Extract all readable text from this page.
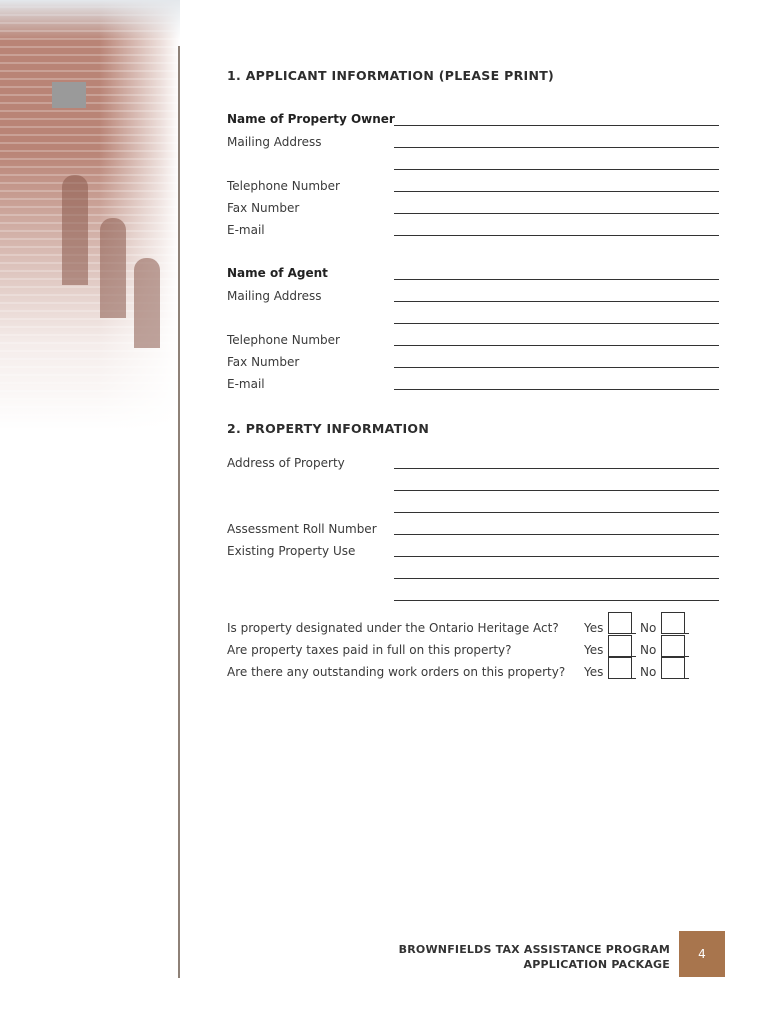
1. APPLICANT INFORMATION (PLEASE PRINT)
Name of Property Owner
Mailing Address
Telephone Number
Fax Number
E-mail
Name of Agent
Mailing Address
Telephone Number
Fax Number
E-mail
2. PROPERTY INFORMATION
Address of Property
Assessment Roll Number
Existing Property Use
Is property designated under the Ontario Heritage Act? Yes	No
Are property taxes paid in full on this property?	Yes	No
Are there any outstanding work orders on this property? Yes	No
BROWNFIELDS TAX ASSISTANCE PROGRAM
APPLICATION PACKAGE
4
